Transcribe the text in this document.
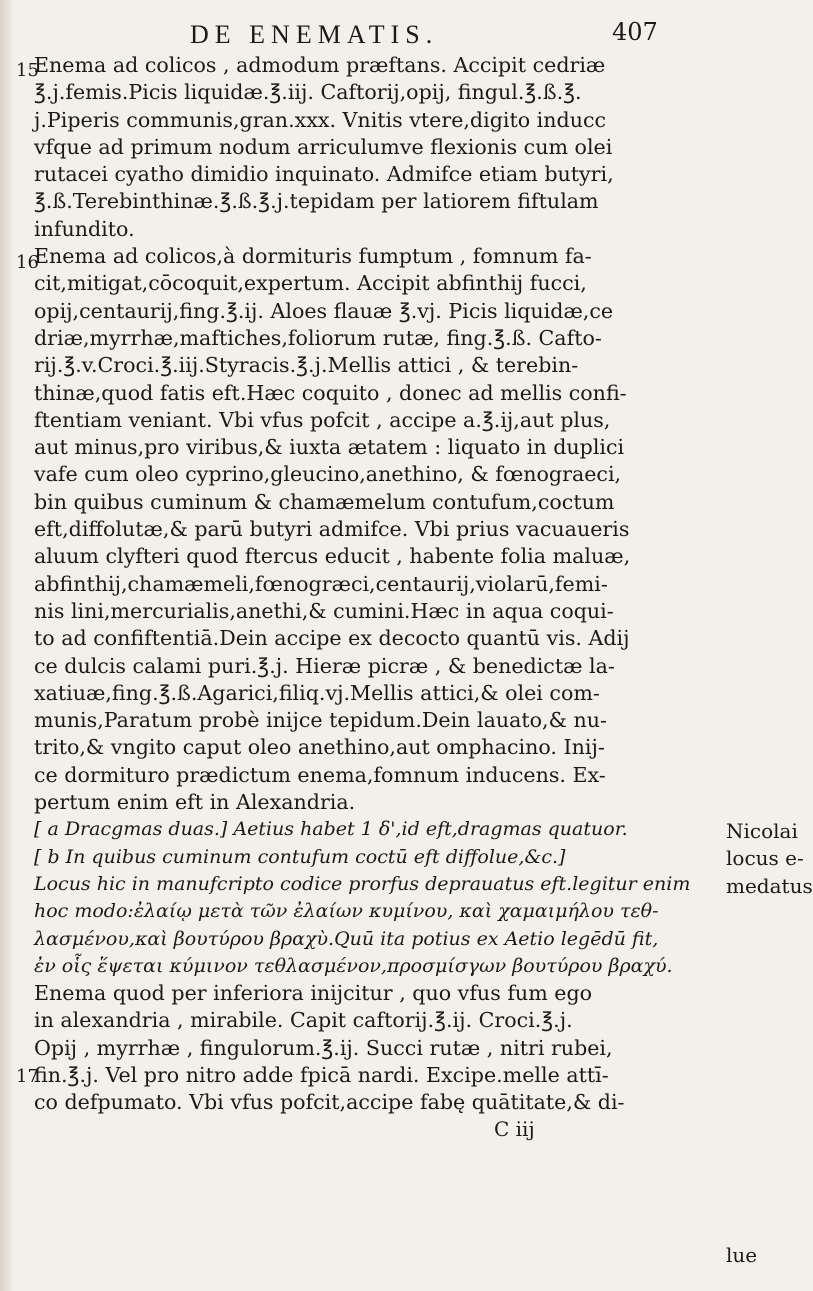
DE ENEMATIS.	407
15
16
17
Enema ad colicos , admodum præftans. Accipit cedriæ
℥.j.femis.Picis liquidæ.℥.iij. Caftorij,opij, fingul.℥.ß.℥.
j.Piperis communis,gran.xxx. Vnitis vtere,digito inducc
vfque ad primum nodum arriculumve flexionis cum olei
rutacei cyatho dimidio inquinato. Admifce etiam butyri,
℥.ß.Terebinthinæ.℥.ß.℥.j.tepidam per latiorem fiftulam
infundito.
Enema ad colicos,à dormituris fumptum , fomnum fa-
cit,mitigat,cōcoquit,expertum. Accipit abfinthij fucci,
opij,centaurij,fing.℥.ij. Aloes flauæ ℥.vj. Picis liquidæ,ce
driæ,myrrhæ,maftiches,foliorum rutæ, fing.℥.ß. Cafto-
rij.℥.v.Croci.℥.iij.Styracis.℥.j.Mellis attici , & terebin-
thinæ,quod fatis eft.Hæc coquito , donec ad mellis confi-
ftentiam veniant. Vbi vfus pofcit , accipe a.℥.ij,aut plus,
aut minus,pro viribus,& iuxta ætatem : liquato in duplici
vafe cum oleo cyprino,gleucino,anethino, & fœnograeci,
bin quibus cuminum & chamæmelum contufum,coctum
eft,diffolutæ,& parū butyri admifce. Vbi prius vacuaueris
aluum clyfteri quod ftercus educit , habente folia maluæ,
abfinthij,chamæmeli,fœnogræci,centaurij,violarū,femi-
nis lini,mercurialis,anethi,& cumini.Hæc in aqua coqui-
to ad confiftentiā.Dein accipe ex decocto quantū vis. Adij
ce dulcis calami puri.℥.j. Hieræ picræ , & benedictæ la-
xatiuæ,fing.℥.ß.Agarici,filiq.vj.Mellis attici,& olei com-
munis,Paratum probè inijce tepidum.Dein lauato,& nu-
trito,& vngito caput oleo anethino,aut omphacino. Inij-
ce dormituro prædictum enema,fomnum inducens. Ex-
pertum enim eft in Alexandria.
[ a Dracgmas duas.] Aetius habet 1 δ',id eft,dragmas quatuor.
[ b In quibus cuminum contufum coctū eft diffolue,&c.]
Locus hic in manufcripto codice prorfus deprauatus eft.legitur enim
hoc modo:ἐλαίῳ μετὰ τῶν ἐλαίων κυμίνου, καὶ χαμαιμήλου τεθ-
λασμένου,καὶ βουτύρου βραχὺ.Quū ita potius ex Aetio legēdū fit,
ἐν οἷς ἕψεται κύμινον τεθλασμένον,προσμίσγων βουτύρου βραχύ.
Enema quod per inferiora inijcitur , quo vfus fum ego
in alexandria , mirabile. Capit caftorij.℥.ij. Croci.℥.j.
Opij , myrrhæ , fingulorum.℥.ij. Succi rutæ , nitri rubei,
fin.℥.j. Vel pro nitro adde fpicā nardi. Excipe.melle attī-
co defpumato. Vbi vfus pofcit,accipe fabę quātitate,& di-
C iij
Nicolai
locus e-
medatus
lue
